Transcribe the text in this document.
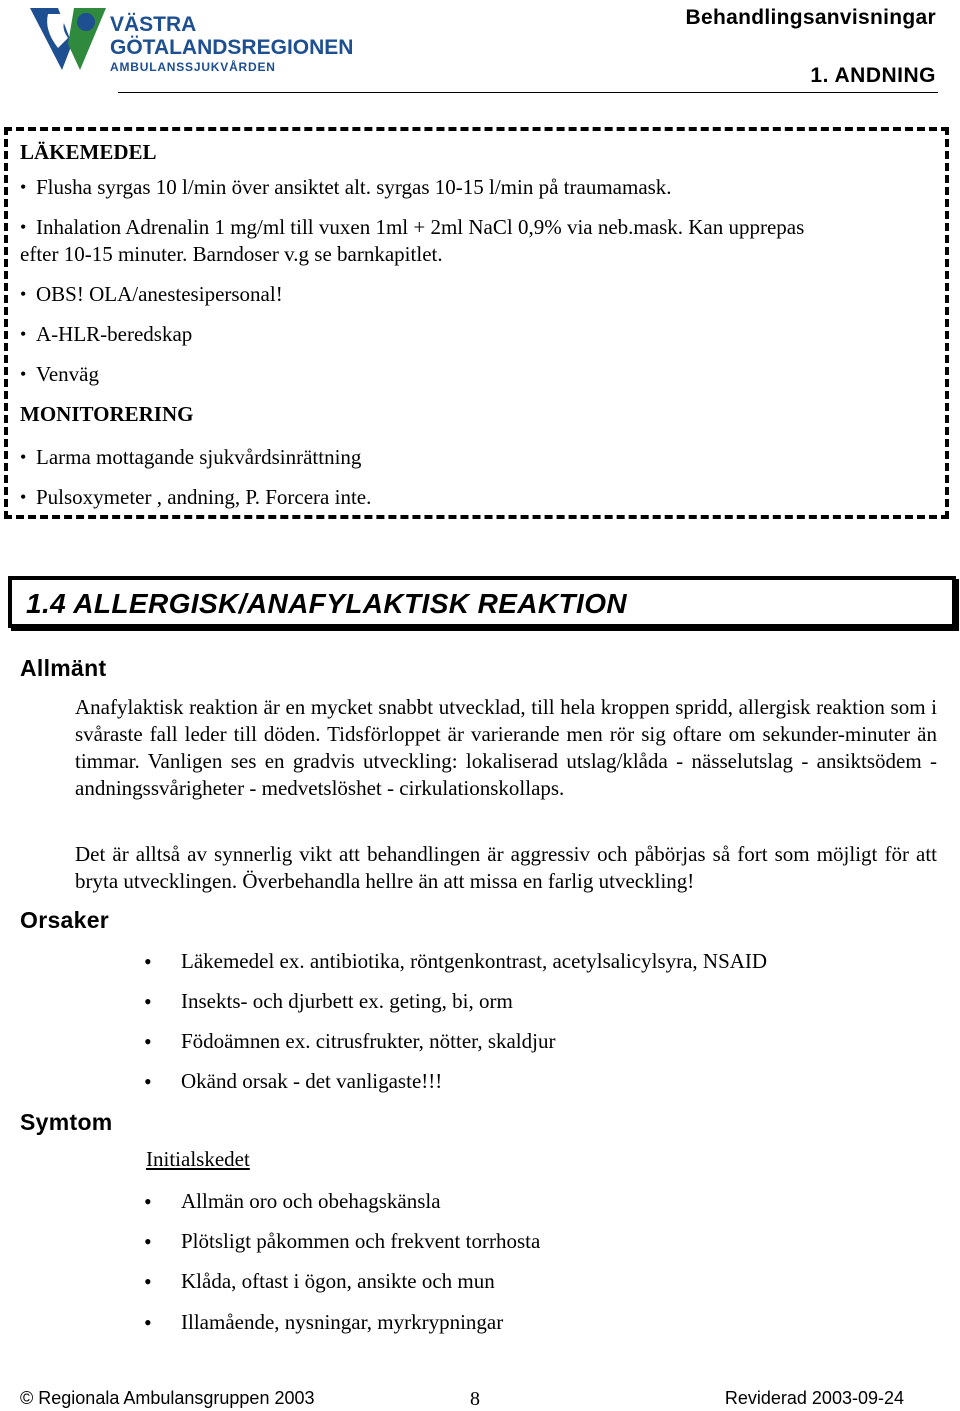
VÄSTRA
GÖTALANDSREGIONEN
AMBULANSSJUKVÅRDEN
Behandlingsanvisningar
1. ANDNING
LÄKEMEDEL
• Flusha syrgas 10 l/min över ansiktet alt. syrgas 10-15 l/min på traumamask.
• Inhalation Adrenalin 1 mg/ml till vuxen 1ml + 2ml NaCl 0,9% via neb.mask. Kan upprepas
efter 10-15 minuter. Barndoser v.g se barnkapitlet.
• OBS! OLA/anestesipersonal!
• A-HLR-beredskap
• Venväg
MONITORERING
• Larma mottagande sjukvårdsinrättning
• Pulsoxymeter , andning, P. Forcera inte.
1.4 ALLERGISK/ANAFYLAKTISK REAKTION
Allmänt
Anafylaktisk reaktion är en mycket snabbt utvecklad, till hela kroppen spridd, allergisk reaktion som i svåraste fall leder till döden. Tidsförloppet är varierande men rör sig oftare om sekunder-minuter än timmar. Vanligen ses en gradvis utveckling: lokaliserad utslag/klåda - nässelutslag - ansiktsödem - andningssvårigheter - medvetslöshet - cirkulationskollaps.
Det är alltså av synnerlig vikt att behandlingen är aggressiv och påbörjas så fort som möjligt för att bryta utvecklingen. Överbehandla hellre än att missa en farlig utveckling!
Orsaker
• Läkemedel ex. antibiotika, röntgenkontrast, acetylsalicylsyra, NSAID
• Insekts- och djurbett ex. geting, bi, orm
• Födoämnen ex. citrusfrukter, nötter, skaldjur
• Okänd orsak - det vanligaste!!!
Symtom
Initialskedet
• Allmän oro och obehagskänsla
• Plötsligt påkommen och frekvent torrhosta
• Klåda, oftast i ögon, ansikte och mun
• Illamående, nysningar, myrkrypningar
© Regionala Ambulansgruppen 2003	8	Reviderad 2003-09-24
